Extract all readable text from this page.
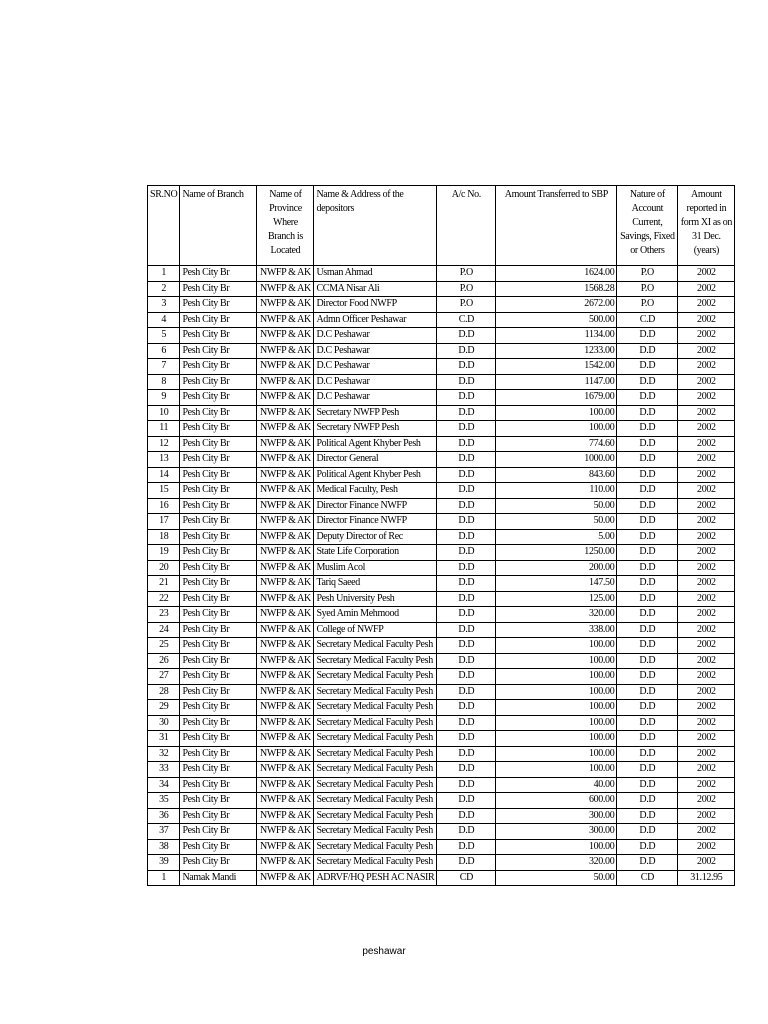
SR.NO	Name of Branch	Name of Province Where Branch is Located	Name & Address of the depositors	A/c No.	Amount Transferred to SBP	Nature of Account Current, Savings, Fixed or Others	Amount reported in form XI as on 31 Dec. (years)
1	Pesh City Br	NWFP & AK	Usman Ahmad	P.O	1624.00	P.O	2002
2	Pesh City Br	NWFP & AK	CCMA Nisar Ali	P.O	1568.28	P.O	2002
3	Pesh City Br	NWFP & AK	Director Food NWFP	P.O	2672.00	P.O	2002
4	Pesh City Br	NWFP & AK	Admn Officer Peshawar	C.D	500.00	C.D	2002
5	Pesh City Br	NWFP & AK	D.C Peshawar	D.D	1134.00	D.D	2002
6	Pesh City Br	NWFP & AK	D.C Peshawar	D.D	1233.00	D.D	2002
7	Pesh City Br	NWFP & AK	D.C Peshawar	D.D	1542.00	D.D	2002
8	Pesh City Br	NWFP & AK	D.C Peshawar	D.D	1147.00	D.D	2002
9	Pesh City Br	NWFP & AK	D.C Peshawar	D.D	1679.00	D.D	2002
10	Pesh City Br	NWFP & AK	Secretary NWFP Pesh	D.D	100.00	D.D	2002
11	Pesh City Br	NWFP & AK	Secretary NWFP Pesh	D.D	100.00	D.D	2002
12	Pesh City Br	NWFP & AK	Political Agent Khyber Pesh	D.D	774.60	D.D	2002
13	Pesh City Br	NWFP & AK	Director General	D.D	1000.00	D.D	2002
14	Pesh City Br	NWFP & AK	Political Agent Khyber Pesh	D.D	843.60	D.D	2002
15	Pesh City Br	NWFP & AK	Medical Faculty, Pesh	D.D	110.00	D.D	2002
16	Pesh City Br	NWFP & AK	Director Finance NWFP	D.D	50.00	D.D	2002
17	Pesh City Br	NWFP & AK	Director Finance NWFP	D.D	50.00	D.D	2002
18	Pesh City Br	NWFP & AK	Deputy Director of Rec	D.D	5.00	D.D	2002
19	Pesh City Br	NWFP & AK	State Life Corporation	D.D	1250.00	D.D	2002
20	Pesh City Br	NWFP & AK	Muslim Acol	D.D	200.00	D.D	2002
21	Pesh City Br	NWFP & AK	Tariq Saeed	D.D	147.50	D.D	2002
22	Pesh City Br	NWFP & AK	Pesh University Pesh	D.D	125.00	D.D	2002
23	Pesh City Br	NWFP & AK	Syed Amin Mehmood	D.D	320.00	D.D	2002
24	Pesh City Br	NWFP & AK	College of NWFP	D.D	338.00	D.D	2002
25	Pesh City Br	NWFP & AK	Secretary Medical Faculty Pesh	D.D	100.00	D.D	2002
26	Pesh City Br	NWFP & AK	Secretary Medical Faculty Pesh	D.D	100.00	D.D	2002
27	Pesh City Br	NWFP & AK	Secretary Medical Faculty Pesh	D.D	100.00	D.D	2002
28	Pesh City Br	NWFP & AK	Secretary Medical Faculty Pesh	D.D	100.00	D.D	2002
29	Pesh City Br	NWFP & AK	Secretary Medical Faculty Pesh	D.D	100.00	D.D	2002
30	Pesh City Br	NWFP & AK	Secretary Medical Faculty Pesh	D.D	100.00	D.D	2002
31	Pesh City Br	NWFP & AK	Secretary Medical Faculty Pesh	D.D	100.00	D.D	2002
32	Pesh City Br	NWFP & AK	Secretary Medical Faculty Pesh	D.D	100.00	D.D	2002
33	Pesh City Br	NWFP & AK	Secretary Medical Faculty Pesh	D.D	100.00	D.D	2002
34	Pesh City Br	NWFP & AK	Secretary Medical Faculty Pesh	D.D	40.00	D.D	2002
35	Pesh City Br	NWFP & AK	Secretary Medical Faculty Pesh	D.D	600.00	D.D	2002
36	Pesh City Br	NWFP & AK	Secretary Medical Faculty Pesh	D.D	300.00	D.D	2002
37	Pesh City Br	NWFP & AK	Secretary Medical Faculty Pesh	D.D	300.00	D.D	2002
38	Pesh City Br	NWFP & AK	Secretary Medical Faculty Pesh	D.D	100.00	D.D	2002
39	Pesh City Br	NWFP & AK	Secretary Medical Faculty Pesh	D.D	320.00	D.D	2002
1	Namak Mandi	NWFP & AK	ADRVF/HQ PESH AC NASIR	CD	50.00	CD	31.12.95
peshawar
